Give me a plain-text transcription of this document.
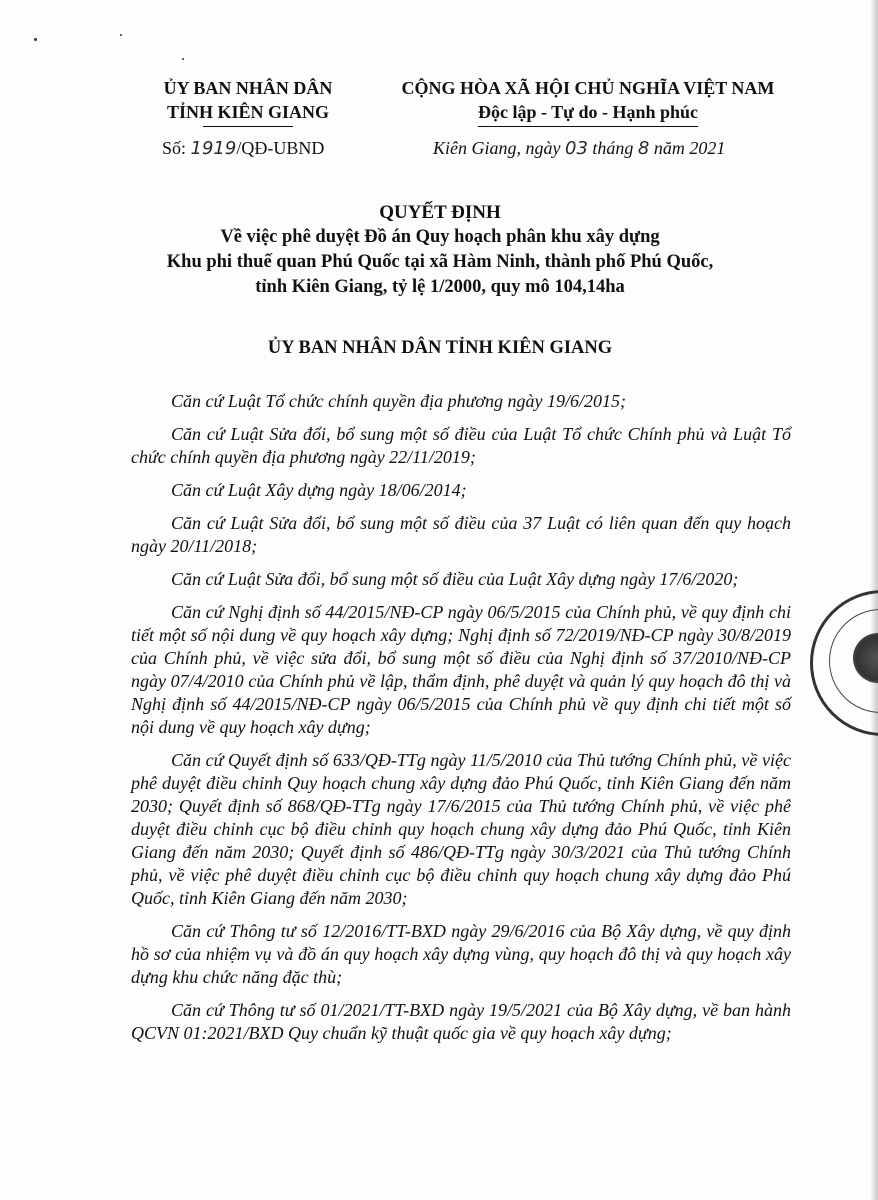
ỦY BAN NHÂN DÂN
TỈNH KIÊN GIANG
CỘNG HÒA XÃ HỘI CHỦ NGHĨA VIỆT NAM
Độc lập - Tự do - Hạnh phúc
Số: 1919/QĐ-UBND	Kiên Giang, ngày 03 tháng 8 năm 2021
QUYẾT ĐỊNH
Về việc phê duyệt Đồ án Quy hoạch phân khu xây dựng
Khu phi thuế quan Phú Quốc tại xã Hàm Ninh, thành phố Phú Quốc,
tỉnh Kiên Giang, tỷ lệ 1/2000, quy mô 104,14ha
ỦY BAN NHÂN DÂN TỈNH KIÊN GIANG

Căn cứ Luật Tổ chức chính quyền địa phương ngày 19/6/2015;

Căn cứ Luật Sửa đổi, bổ sung một số điều của Luật Tổ chức Chính phủ và Luật Tổ chức chính quyền địa phương ngày 22/11/2019;

Căn cứ Luật Xây dựng ngày 18/06/2014;

Căn cứ Luật Sửa đổi, bổ sung một số điều của 37 Luật có liên quan đến quy hoạch ngày 20/11/2018;

Căn cứ Luật Sửa đổi, bổ sung một số điều của Luật Xây dựng ngày 17/6/2020;

Căn cứ Nghị định số 44/2015/NĐ-CP ngày 06/5/2015 của Chính phủ, về quy định chi tiết một số nội dung về quy hoạch xây dựng; Nghị định số 72/2019/NĐ-CP ngày 30/8/2019 của Chính phủ, về việc sửa đổi, bổ sung một số điều của Nghị định số 37/2010/NĐ-CP ngày 07/4/2010 của Chính phủ về lập, thẩm định, phê duyệt và quản lý quy hoạch đô thị và Nghị định số 44/2015/NĐ-CP ngày 06/5/2015 của Chính phủ về quy định chi tiết một số nội dung về quy hoạch xây dựng;

Căn cứ Quyết định số 633/QĐ-TTg ngày 11/5/2010 của Thủ tướng Chính phủ, về việc phê duyệt điều chỉnh Quy hoạch chung xây dựng đảo Phú Quốc, tỉnh Kiên Giang đến năm 2030; Quyết định số 868/QĐ-TTg ngày 17/6/2015 của Thủ tướng Chính phủ, về việc phê duyệt điều chỉnh cục bộ điều chỉnh quy hoạch chung xây dựng đảo Phú Quốc, tỉnh Kiên Giang đến năm 2030; Quyết định số 486/QĐ-TTg ngày 30/3/2021 của Thủ tướng Chính phủ, về việc phê duyệt điều chỉnh cục bộ điều chỉnh quy hoạch chung xây dựng đảo Phú Quốc, tỉnh Kiên Giang đến năm 2030;

Căn cứ Thông tư số 12/2016/TT-BXD ngày 29/6/2016 của Bộ Xây dựng, về quy định hồ sơ của nhiệm vụ và đồ án quy hoạch xây dựng vùng, quy hoạch đô thị và quy hoạch xây dựng khu chức năng đặc thù;

Căn cứ Thông tư số 01/2021/TT-BXD ngày 19/5/2021 của Bộ Xây dựng, về ban hành QCVN 01:2021/BXD Quy chuẩn kỹ thuật quốc gia về quy hoạch xây dựng;
